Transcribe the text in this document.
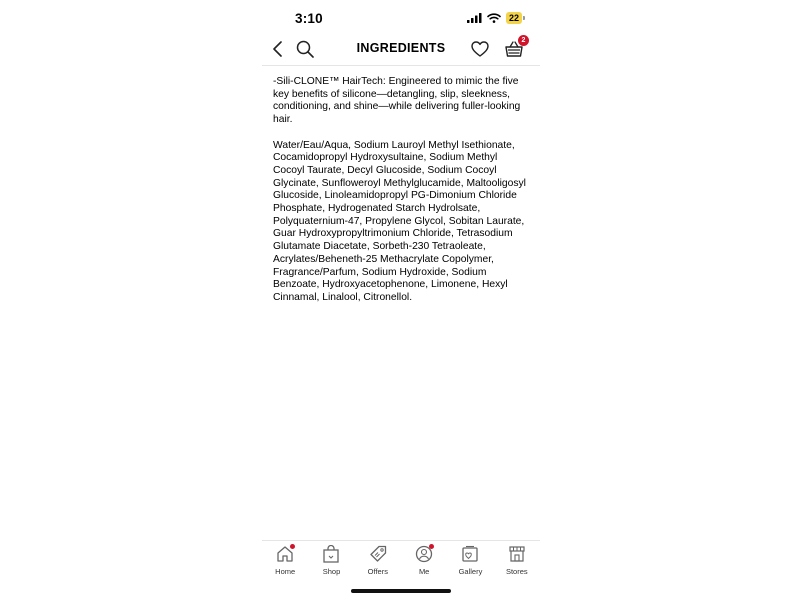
3:10	22
INGREDIENTS
2

-Sili-CLONE™ HairTech: Engineered to mimic the five key benefits of silicone—detangling, slip, sleekness, conditioning, and shine—while delivering fuller-looking hair.

Water/Eau/Aqua, Sodium Lauroyl Methyl Isethionate, Cocamidopropyl Hydroxysultaine, Sodium Methyl Cocoyl Taurate, Decyl Glucoside, Sodium Cocoyl Glycinate, Sunfloweroyl Methylglucamide, Maltooligosyl Glucoside, Linoleamidopropyl PG-Dimonium Chloride Phosphate, Hydrogenated Starch Hydrolsate, Polyquaternium-47, Propylene Glycol, Sobitan Laurate, Guar Hydroxypropyltrimonium Chloride, Tetrasodium Glutamate Diacetate, Sorbeth-230 Tetraoleate, Acrylates/Beheneth-25 Methacrylate Copolymer, Fragrance/Parfum, Sodium Hydroxide, Sodium Benzoate, Hydroxyacetophenone, Limonene, Hexyl Cinnamal, Linalool, Citronellol.

Home	Shop	Offers	Me	Gallery	Stores
